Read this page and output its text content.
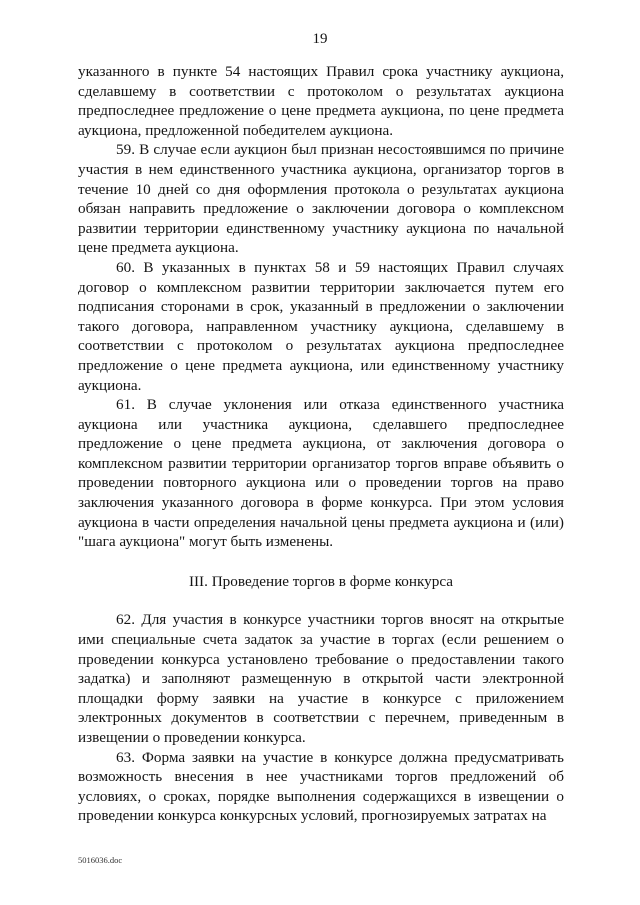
19

указанного в пункте 54 настоящих Правил срока участнику аукциона, сделавшему в соответствии с протоколом о результатах аукциона предпоследнее предложение о цене предмета аукциона, по цене предмета аукциона, предложенной победителем аукциона.

59. В случае если аукцион был признан несостоявшимся по причине участия в нем единственного участника аукциона, организатор торгов в течение 10 дней со дня оформления протокола о результатах аукциона обязан направить предложение о заключении договора о комплексном развитии территории единственному участнику аукциона по начальной цене предмета аукциона.

60. В указанных в пунктах 58 и 59 настоящих Правил случаях договор о комплексном развитии территории заключается путем его подписания сторонами в срок, указанный в предложении о заключении такого договора, направленном участнику аукциона, сделавшему в соответствии с протоколом о результатах аукциона предпоследнее предложение о цене предмета аукциона, или единственному участнику аукциона.

61. В случае уклонения или отказа единственного участника аукциона или участника аукциона, сделавшего предпоследнее предложение о цене предмета аукциона, от заключения договора о комплексном развитии территории организатор торгов вправе объявить о проведении повторного аукциона или о проведении торгов на право заключения указанного договора в форме конкурса. При этом условия аукциона в части определения начальной цены предмета аукциона и (или) "шага аукциона" могут быть изменены.

III. Проведение торгов в форме конкурса

62. Для участия в конкурсе участники торгов вносят на открытые ими специальные счета задаток за участие в торгах (если решением о проведении конкурса установлено требование о предоставлении такого задатка) и заполняют размещенную в открытой части электронной площадки форму заявки на участие в конкурсе с приложением электронных документов в соответствии с перечнем, приведенным в извещении о проведении конкурса.

63. Форма заявки на участие в конкурсе должна предусматривать возможность внесения в нее участниками торгов предложений об условиях, о сроках, порядке выполнения содержащихся в извещении о проведении конкурса конкурсных условий, прогнозируемых затратах на

5016036.doc
